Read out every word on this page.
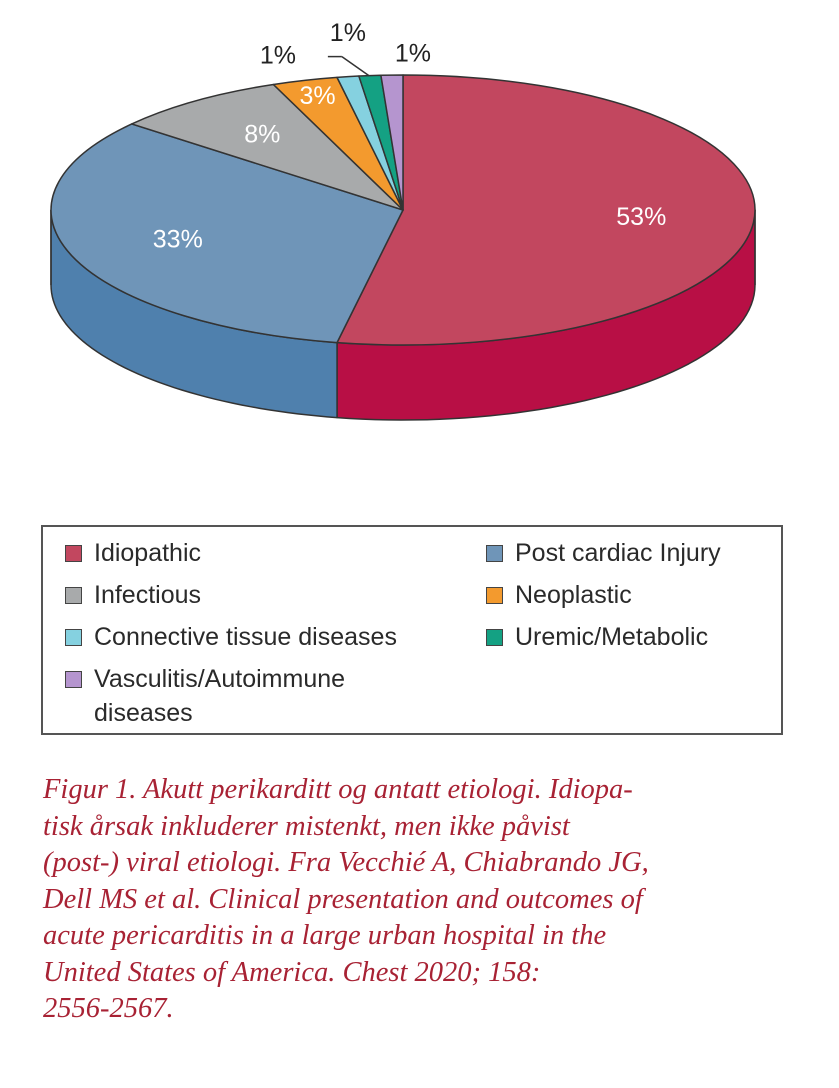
53%
33%
8%
3%
1%
1%
1%
Idiopathic	Post cardiac Injury
Infectious	Neoplastic
Connective tissue diseases	Uremic/Metabolic
Vasculitis/Autoimmune diseases

Figur 1. Akutt perikarditt og antatt etiologi. Idiopa-
tisk årsak inkluderer mistenkt, men ikke påvist
(post-) viral etiologi. Fra Vecchié A, Chiabrando JG,
Dell MS et al. Clinical presentation and outcomes of
acute pericarditis in a large urban hospital in the
United States of America. Chest 2020; 158:
2556-2567.
